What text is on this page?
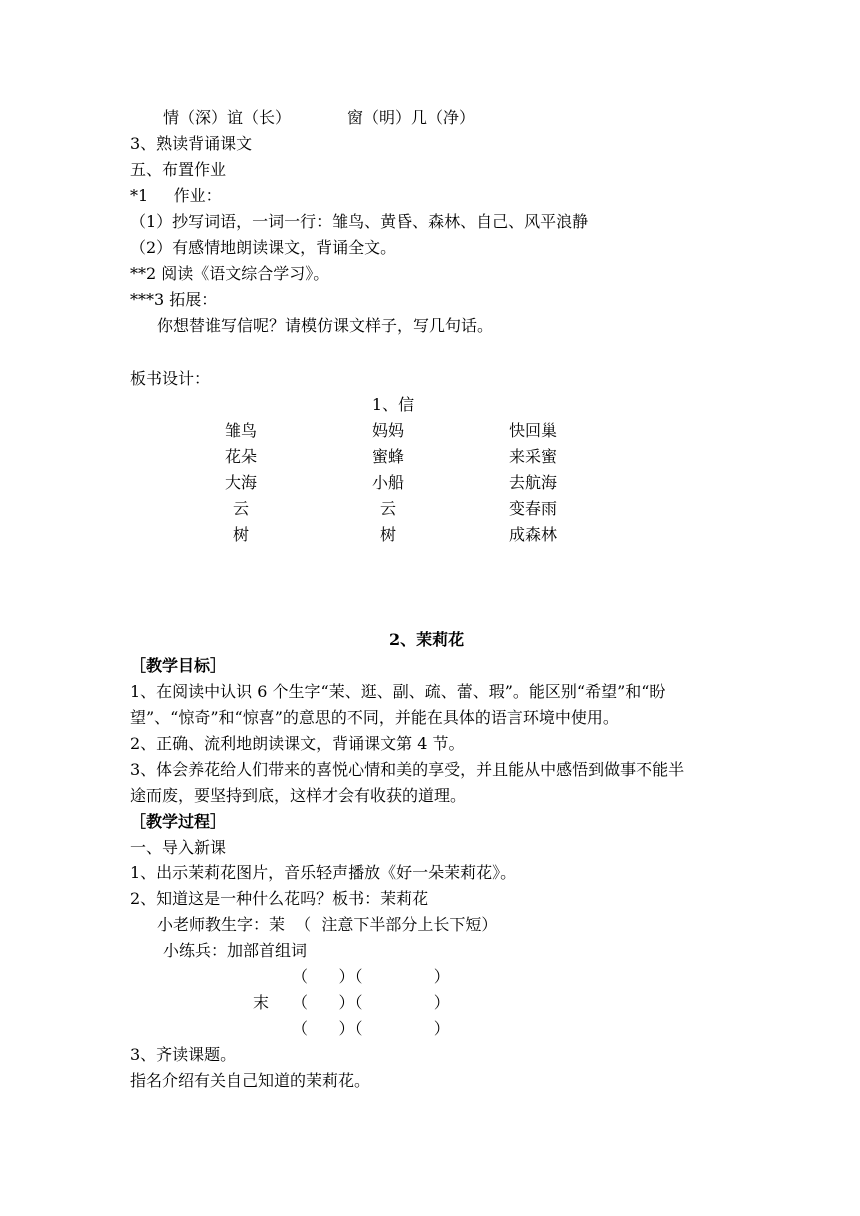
情（深）谊（长）	窗（明）几（净）
3、熟读背诵课文
五、布置作业
*1     作业：
（1）抄写词语，一词一行：雏鸟、黄昏、森林、自己、风平浪静
（2）有感情地朗读课文，背诵全文。
**2 阅读《语文综合学习》。
***3 拓展：
你想替谁写信呢？请模仿课文样子，写几句话。
板书设计：
1、信
雏鸟	妈妈	快回巢
花朵	蜜蜂	来采蜜
大海	小船	去航海
云	云	变春雨
树	树	成森林
2、茉莉花
［教学目标］
1、在阅读中认识 6 个生字“茉、逛、副、疏、蕾、瑕”。能区别“希望”和“盼
望”、“惊奇”和“惊喜”的意思的不同，并能在具体的语言环境中使用。
2、正确、流利地朗读课文，背诵课文第 4 节。
3、体会养花给人们带来的喜悦心情和美的享受，并且能从中感悟到做事不能半
途而废，要坚持到底，这样才会有收获的道理。
［教学过程］
一、导入新课
1、出示茉莉花图片，音乐轻声播放《好一朵茉莉花》。
2、知道这是一种什么花吗？板书：茉莉花
小老师教生字：茉  （  注意下半部分上长下短）
小练兵：加部首组词
（      ）（              ）
末 （      ）（              ）
（      ）（              ）
3、齐读课题。
指名介绍有关自己知道的茉莉花。
